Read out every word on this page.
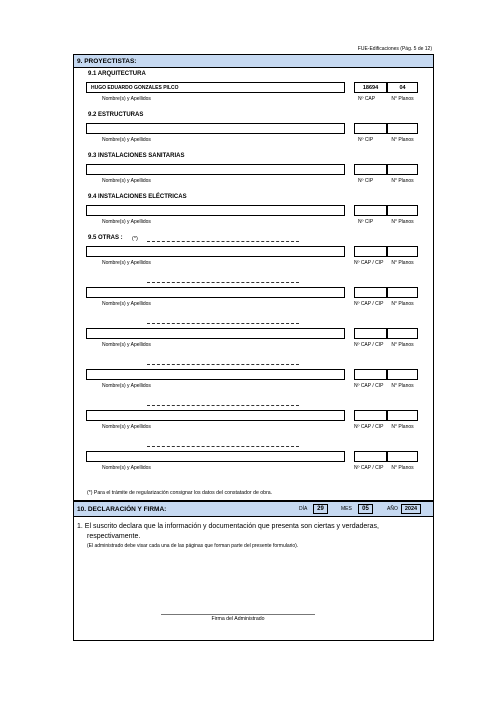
FUE-Edificaciones (Pág. 5 de 12)
9. PROYECTISTAS:
9.1 ARQUITECTURA
HUGO EDUARDO GONZALES PILCO	18694	04
Nombre(s) y Apellidos	Nº CAP	N° Planos
9.2 ESTRUCTURAS
Nombre(s) y Apellidos	Nº CIP	N° Planos
9.3 INSTALACIONES SANITARIAS
Nombre(s) y Apellidos	Nº CIP	N° Planos
9.4 INSTALACIONES ELÉCTRICAS
Nombre(s) y Apellidos	Nº CIP	N° Planos
9.5 OTRAS : (*)
Nombre(s) y Apellidos	Nº CAP / CIP	N° Planos
Nombre(s) y Apellidos	Nº CAP / CIP	N° Planos
Nombre(s) y Apellidos	Nº CAP / CIP	N° Planos
Nombre(s) y Apellidos	Nº CAP / CIP	N° Planos
Nombre(s) y Apellidos	Nº CAP / CIP	N° Planos
Nombre(s) y Apellidos	Nº CAP / CIP	N° Planos
(*) Para el trámite de regularización consignar los datos del constatador de obra.
10. DECLARACIÓN Y FIRMA:	DÍA	29	MES	05	AÑO	2024
1. El suscrito declara que la información y documentación que presenta son ciertas y verdaderas,
respectivamente.
(El administrado debe visar cada una de las páginas que forman parte del presente formulario).
Firma del Administrado
